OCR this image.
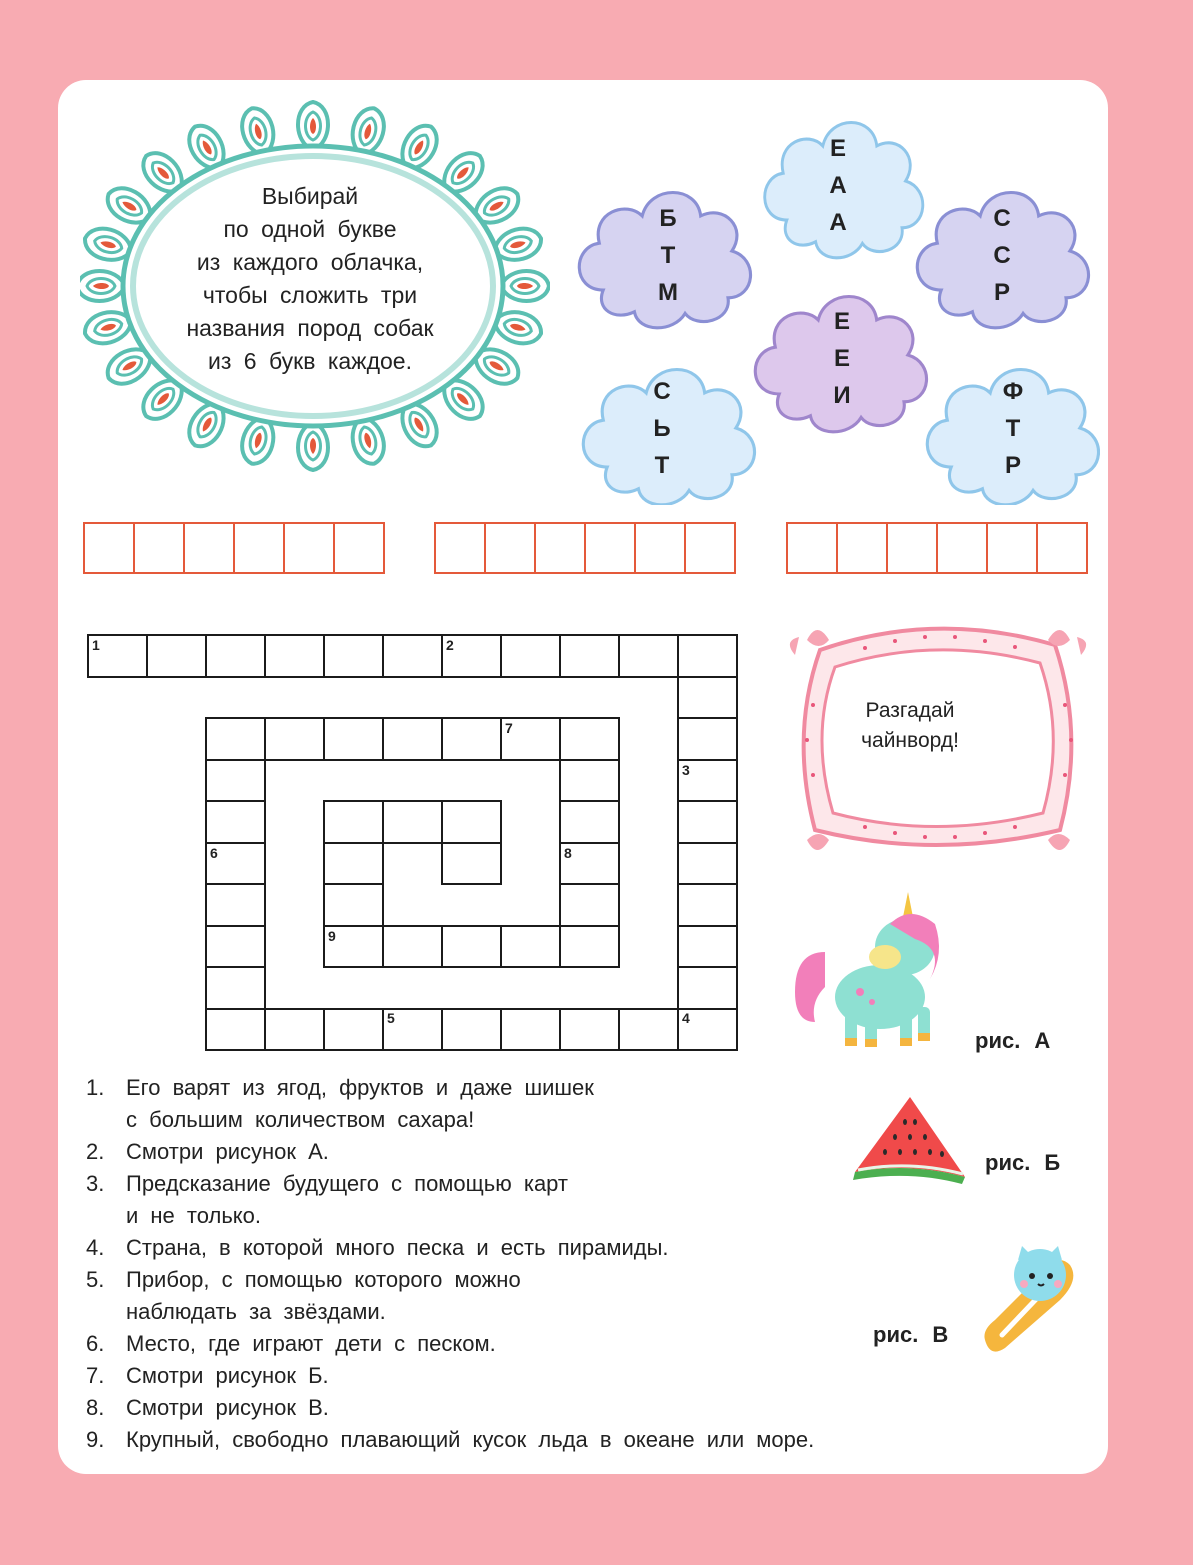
Выбирай
по одной букве
из каждого облачка,
чтобы сложить три
названия пород собак
из 6 букв каждое.
Б
Т
М
Е
А
А	С
С
Р
Е
Е
И
С
Ь
Т
Ф
Т
Р
1	2
3
4
5
6
7
8
9
Разгадай
чайнворд!
рис. А
рис. Б
рис. В
1. Его варят из ягод, фруктов и даже шишек
с большим количеством сахара!
2. Смотри рисунок А.
3. Предсказание будущего с помощью карт
и не только.
4. Страна, в которой много песка и есть пирамиды.
5. Прибор, с помощью которого можно
наблюдать за звёздами.
6. Место, где играют дети с песком.
7. Смотри рисунок Б.
8. Смотри рисунок В.
9. Крупный, свободно плавающий кусок льда в океане или море.
